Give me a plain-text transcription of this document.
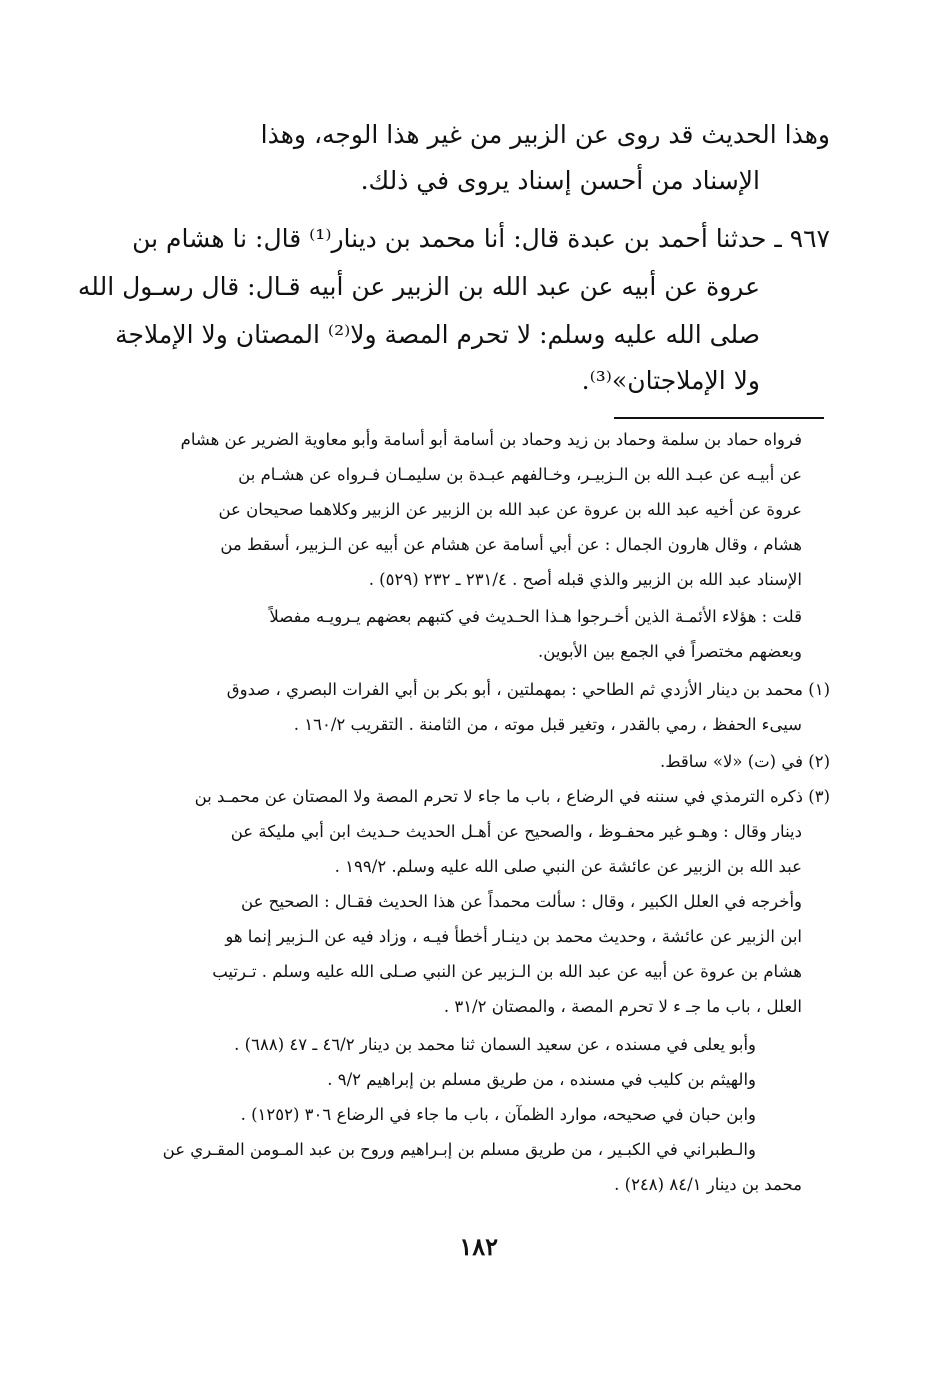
وهذا الحديث قد روى عن الزبير من غير هذا الوجه، وهذا
الإسناد من أحسن إسناد يروى في ذلك.
٩٦٧ ـ حدثنا أحمد بن عبدة قال: أنا محمد بن دينار⁽¹⁾ قال: نا هشام بن
عروة عن أبيه عن عبد الله بن الزبير عن أبيه قـال: قال رسـول الله
صلى الله عليه وسلم: لا تحرم المصة ولا⁽²⁾ المصتان ولا الإملاجة
ولا الإملاجتان»⁽³⁾.
فرواه حماد بن سلمة وحماد بن زيد وحماد بن أسامة أبو أسامة وأبو معاوية الضرير عن هشام
عن أبيـه عن عبـد الله بن الـزبيـر، وخـالفهم عبـدة بن سليمـان فـرواه عن هشـام بن
عروة عن أخيه عبد الله بن عروة عن عبد الله بن الزبير عن الزبير وكلاهما صحيحان عن
هشام ، وقال هارون الجمال : عن أبي أسامة عن هشام عن أبيه عن الـزبير، أسقط من
الإسناد عبد الله بن الزبير والذي قبله أصح . ٢٣١/٤ ـ ٢٣٢ (٥٢٩) .
قلت : هؤلاء الأئمـة الذين أخـرجوا هـذا الحـديث في كتبهم بعضهم يـرويـه مفصلاً
وبعضهم مختصراً في الجمع بين الأبوين.
(١) محمد بن دينار الأزدي ثم الطاحي : بمهملتين ، أبو بكر بن أبي الفرات البصري ، صدوق
سيىء الحفظ ، رمي بالقدر ، وتغير قبل موته ، من الثامنة . التقريب ١٦٠/٢ .
(٢) في (ت) «لا» ساقط.
(٣) ذكره الترمذي في سننه في الرضاع ، باب ما جاء لا تحرم المصة ولا المصتان عن محمـد بن
دينار وقال : وهـو غير محفـوظ ، والصحيح عن أهـل الحديث حـديث ابن أبي مليكة عن
عبد الله بن الزبير عن عائشة عن النبي صلى الله عليه وسلم. ١٩٩/٢ .
وأخرجه في العلل الكبير ، وقال : سألت محمداً عن هذا الحديث فقـال : الصحيح عن
ابن الزبير عن عائشة ، وحديث محمد بن دينـار أخطأ فيـه ، وزاد فيه عن الـزبير إنما هو
هشام بن عروة عن أبيه عن عبد الله بن الـزبير عن النبي صـلى الله عليه وسلم . تـرتيب
العلل ، باب ما جـ ء لا تحرم المصة ، والمصتان ٣١/٢ .
وأبو يعلى في مسنده ، عن سعيد السمان ثنا محمد بن دينار ٤٦/٢ ـ ٤٧ (٦٨٨) .
والهيثم بن كليب في مسنده ، من طريق مسلم بن إبراهيم ٩/٢ .
وابن حبان في صحيحه، موارد الظمآن ، باب ما جاء في الرضاع ٣٠٦ (١٢٥٢) .
والـطبراني في الكبـير ، من طريق مسلم بن إبـراهيم وروح بن عبد المـومن المقـري عن
محمد بن دينار ٨٤/١ (٢٤٨) .
١٨٢
